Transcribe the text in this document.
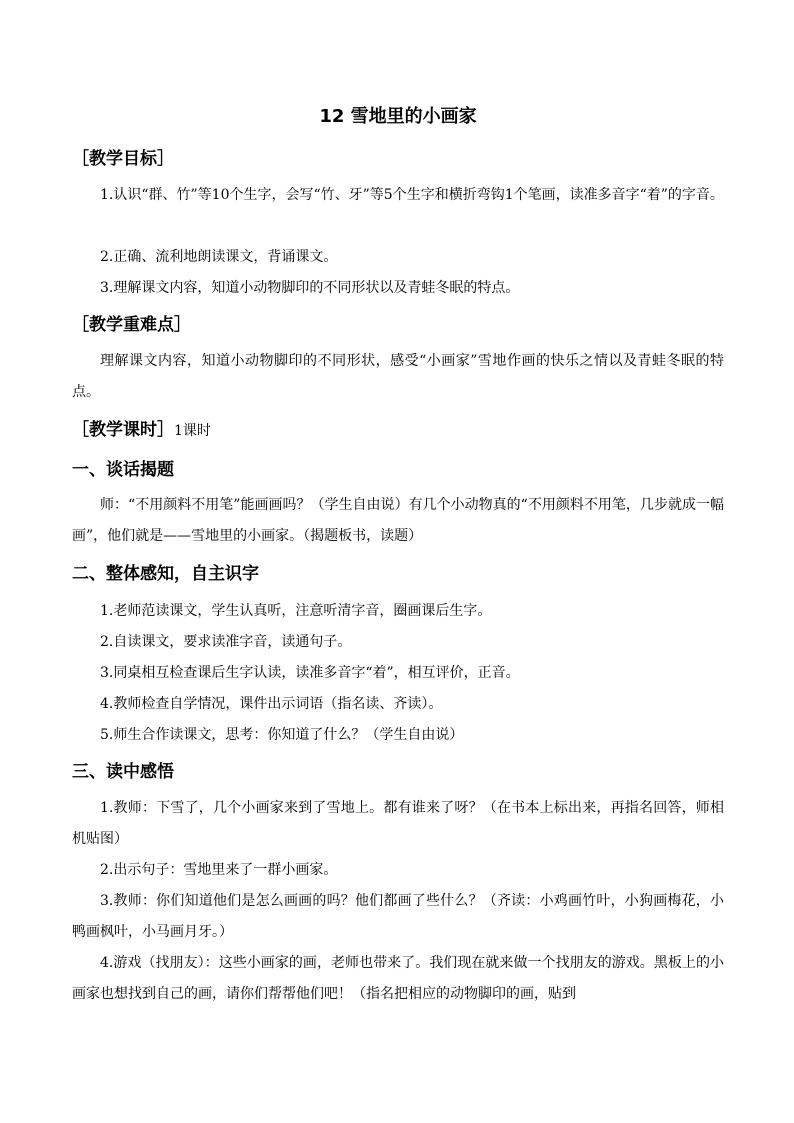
12 雪地里的小画家
［教学目标］
1.认识“群、竹”等10个生字，会写“竹、牙”等5个生字和横折弯钩1个笔画，读准多音字“着”的字音。
2.正确、流利地朗读课文，背诵课文。
3.理解课文内容，知道小动物脚印的不同形状以及青蛙冬眠的特点。
［教学重难点］
理解课文内容，知道小动物脚印的不同形状，感受“小画家”雪地作画的快乐之情以及青蛙冬眠的特点。
［教学课时］1课时
一、谈话揭题
师：“不用颜料不用笔”能画画吗？（学生自由说）有几个小动物真的“不用颜料不用笔，几步就成一幅画”，他们就是——雪地里的小画家。（揭题板书，读题）
二、整体感知，自主识字
1.老师范读课文，学生认真听，注意听清字音，圈画课后生字。
2.自读课文，要求读准字音，读通句子。
3.同桌相互检查课后生字认读，读准多音字“着”，相互评价，正音。
4.教师检查自学情况，课件出示词语（指名读、齐读）。
5.师生合作读课文，思考：你知道了什么？（学生自由说）
三、读中感悟
1.教师：下雪了，几个小画家来到了雪地上。都有谁来了呀？（在书本上标出来，再指名回答，师相机贴图）
2.出示句子：雪地里来了一群小画家。
3.教师：你们知道他们是怎么画画的吗？他们都画了些什么？（齐读：小鸡画竹叶，小狗画梅花，小鸭画枫叶，小马画月牙。）
4.游戏（找朋友）：这些小画家的画，老师也带来了。我们现在就来做一个找朋友的游戏。黑板上的小画家也想找到自己的画，请你们帮帮他们吧！（指名把相应的动物脚印的画，贴到
